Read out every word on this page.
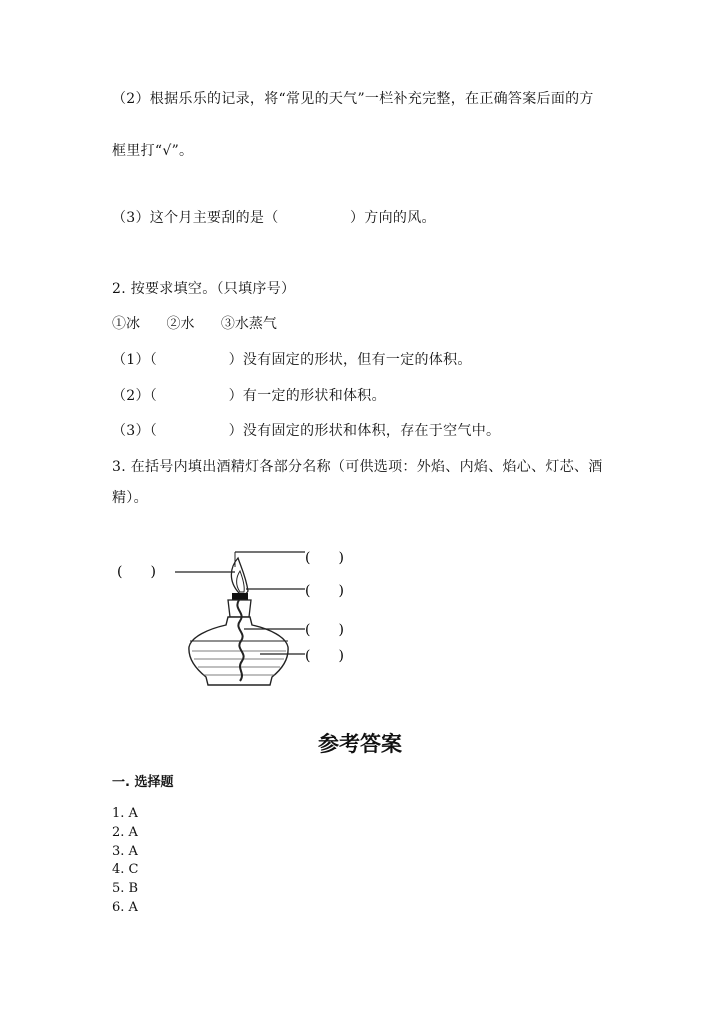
（2）根据乐乐的记录，将“常见的天气”一栏补充完整，在正确答案后面的方
框里打“√”。
（3）这个月主要刮的是（　　　　　）方向的风。
2. 按要求填空。（只填序号）
①冰 ②水 ③水蒸气
（1）（　　　　　）没有固定的形状，但有一定的体积。
（2）（　　　　　）有一定的形状和体积。
（3）（　　　　　）没有固定的形状和体积，存在于空气中。
3. 在括号内填出酒精灯各部分名称（可供选项：外焰、内焰、焰心、灯芯、酒
精）。
(　　)
(　　)
(　　)
(　　)
(　　)
参考答案
一. 选择题
1. A
2. A
3. A
4. C
5. B
6. A
